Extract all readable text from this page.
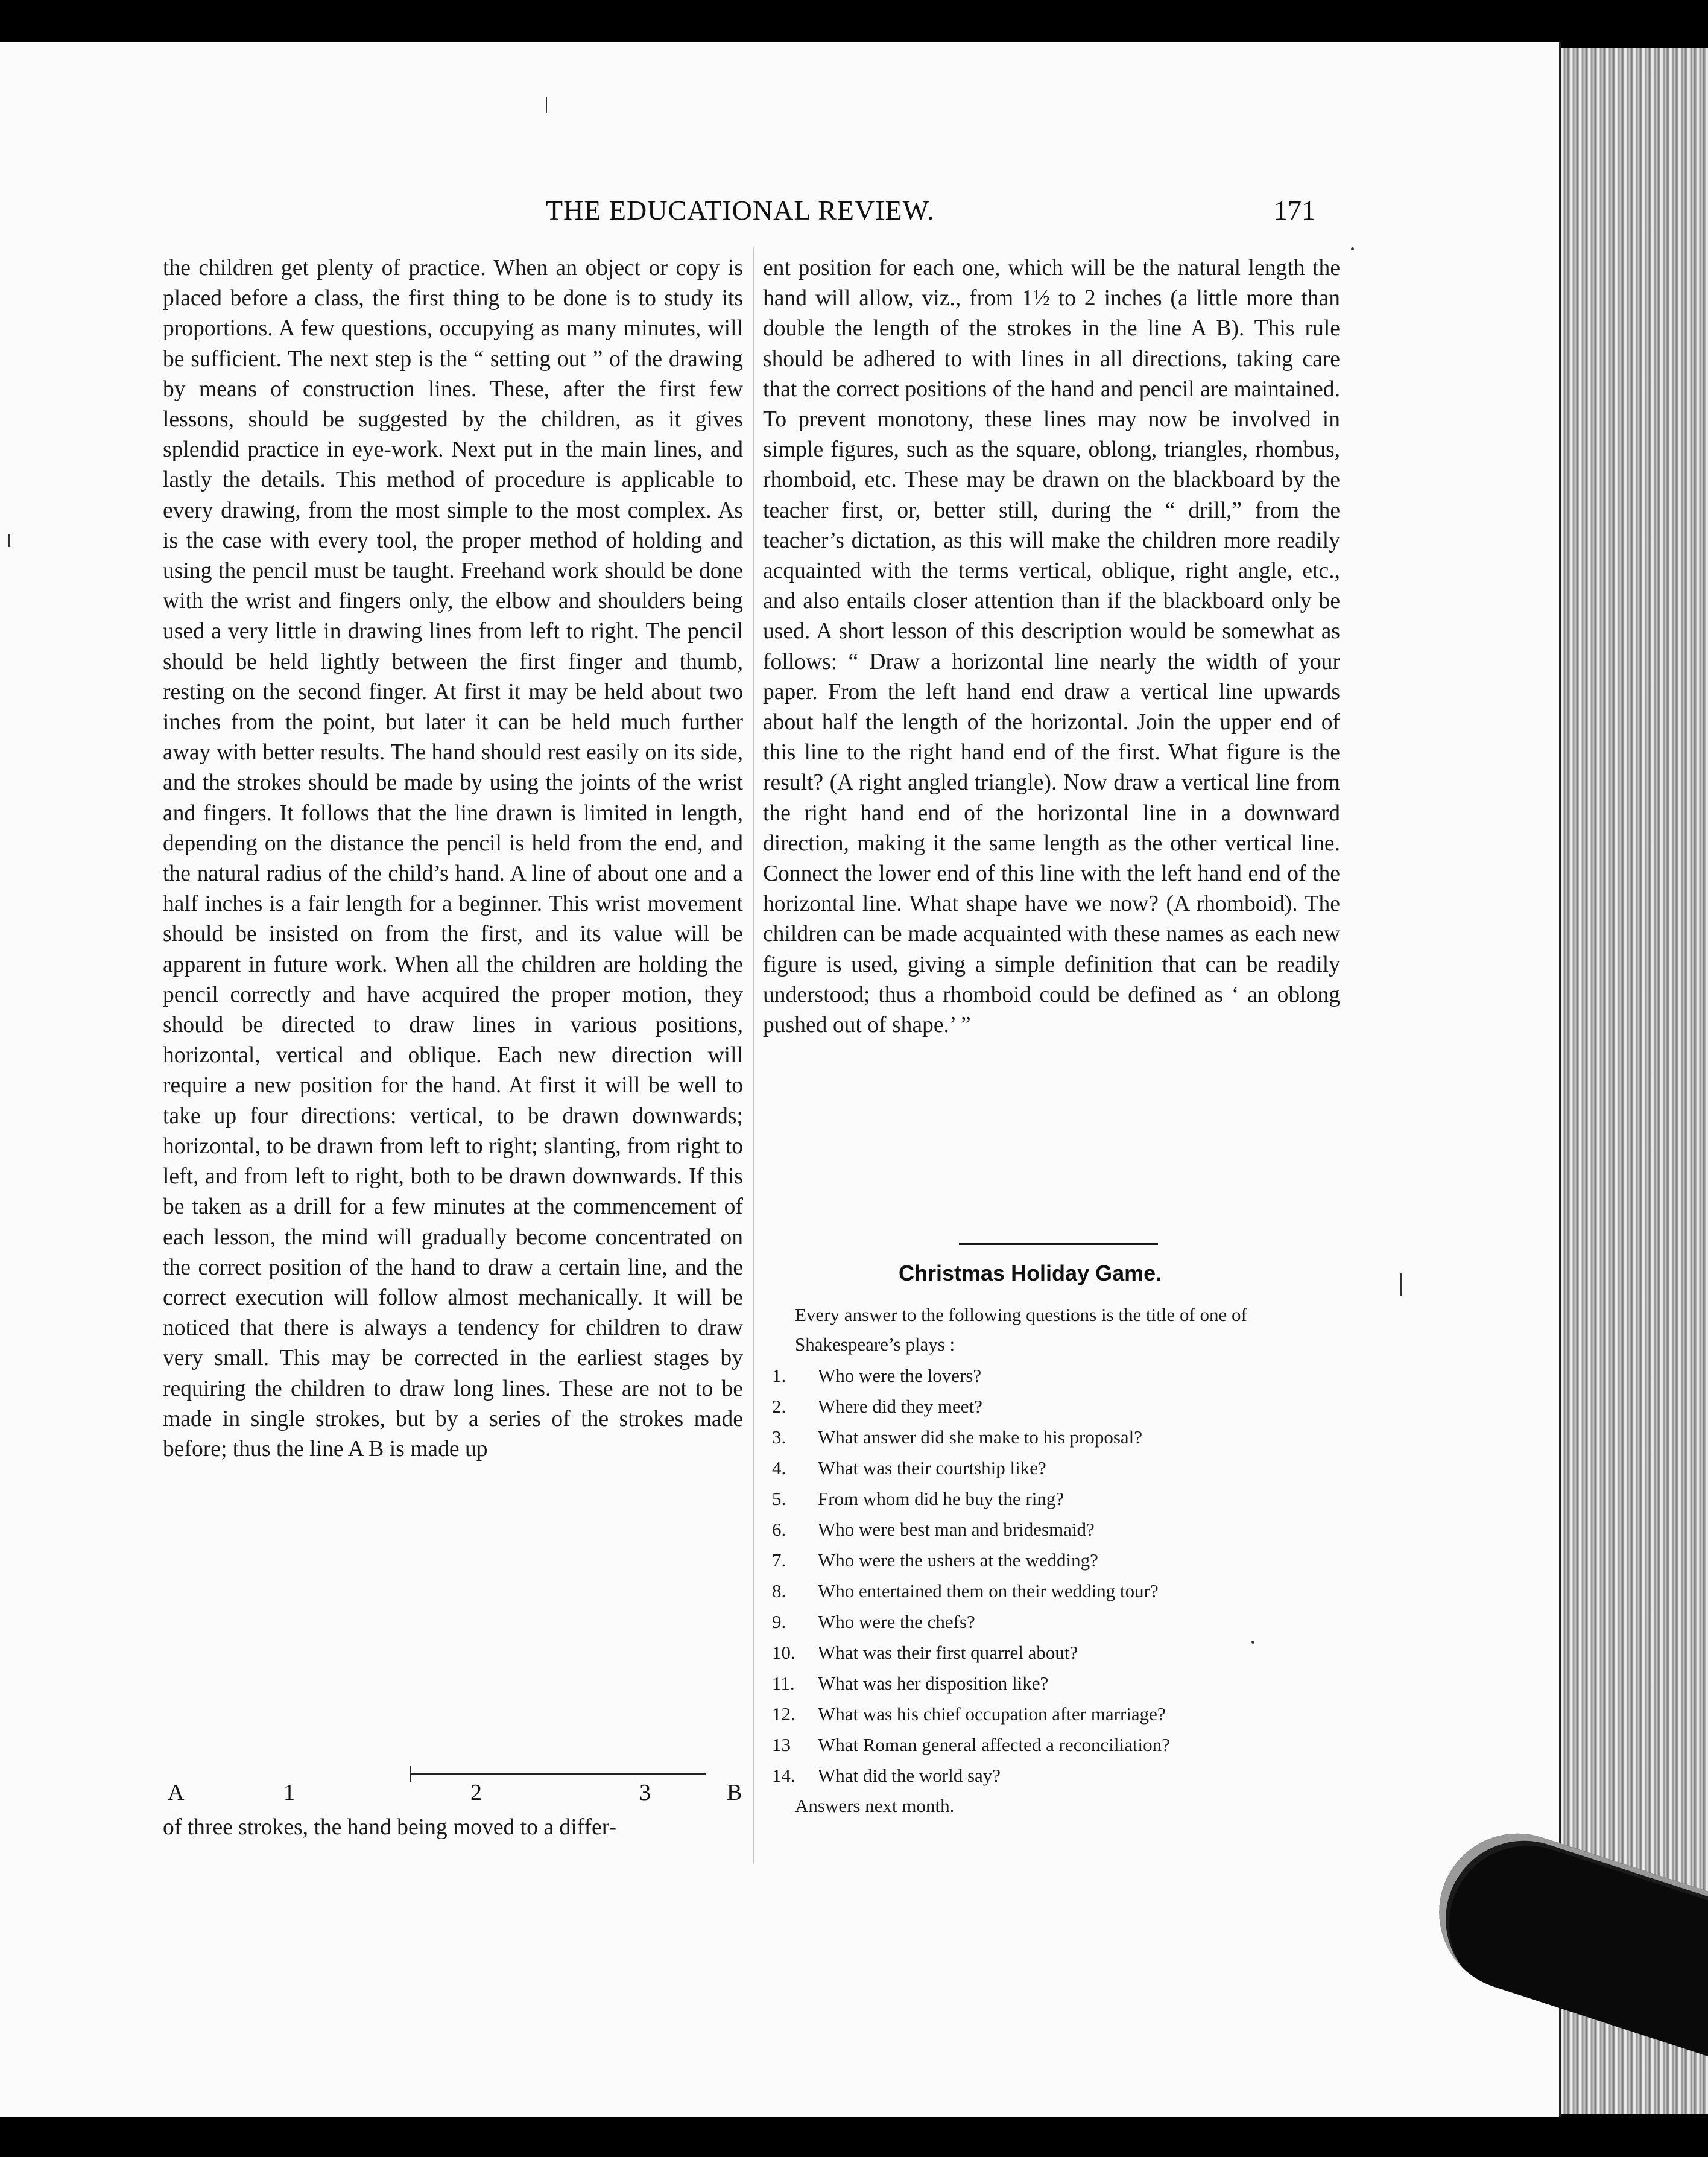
THE EDUCATIONAL REVIEW.	171

the children get plenty of practice. When an object or copy is placed before a class, the first thing to be done is to study its proportions. A few questions, occupying as many minutes, will be sufficient. The next step is the “ setting out ” of the drawing by means of construction lines. These, after the first few lessons, should be suggested by the children, as it gives splendid practice in eye-work. Next put in the main lines, and lastly the details. This method of procedure is applicable to every drawing, from the most simple to the most complex. As is the case with every tool, the proper method of holding and using the pencil must be taught. Freehand work should be done with the wrist and fingers only, the elbow and shoulders being used a very little in drawing lines from left to right. The pencil should be held lightly between the first finger and thumb, resting on the second finger. At first it may be held about two inches from the point, but later it can be held much further away with better results. The hand should rest easily on its side, and the strokes should be made by using the joints of the wrist and fingers. It follows that the line drawn is limited in length, depending on the distance the pencil is held from the end, and the natural radius of the child’s hand. A line of about one and a half inches is a fair length for a beginner. This wrist movement should be insisted on from the first, and its value will be apparent in future work. When all the children are holding the pencil correctly and have acquired the proper motion, they should be directed to draw lines in various positions, horizontal, vertical and oblique. Each new direction will require a new position for the hand. At first it will be well to take up four directions: vertical, to be drawn downwards; horizontal, to be drawn from left to right; slanting, from right to left, and from left to right, both to be drawn downwards. If this be taken as a drill for a few minutes at the commencement of each lesson, the mind will gradually become concentrated on the correct position of the hand to draw a certain line, and the correct execution will follow almost mechanically. It will be noticed that there is always a tendency for children to draw very small. This may be corrected in the earliest stages by requiring the children to draw long lines. These are not to be made in single strokes, but by a series of the strokes made before; thus the line A B is made up

A	1	2	3	B

of three strokes, the hand being moved to a differ-

ent position for each one, which will be the natural length the hand will allow, viz., from 1½ to 2 inches (a little more than double the length of the strokes in the line A B). This rule should be adhered to with lines in all directions, taking care that the correct positions of the hand and pencil are maintained. To prevent monotony, these lines may now be involved in simple figures, such as the square, oblong, triangles, rhombus, rhomboid, etc. These may be drawn on the blackboard by the teacher first, or, better still, during the “ drill,” from the teacher’s dictation, as this will make the children more readily acquainted with the terms vertical, oblique, right angle, etc., and also entails closer attention than if the blackboard only be used. A short lesson of this description would be somewhat as follows: “ Draw a horizontal line nearly the width of your paper. From the left hand end draw a vertical line upwards about half the length of the horizontal. Join the upper end of this line to the right hand end of the first. What figure is the result? (A right angled triangle). Now draw a vertical line from the right hand end of the horizontal line in a downward direction, making it the same length as the other vertical line. Connect the lower end of this line with the left hand end of the horizontal line. What shape have we now? (A rhomboid). The children can be made acquainted with these names as each new figure is used, giving a simple definition that can be readily understood; thus a rhomboid could be defined as ‘ an oblong pushed out of shape.’ ”

Christmas Holiday Game.
Every answer to the following questions is the title of one of Shakespeare’s plays :
1.	Who were the lovers?
2.	Where did they meet?
3.	What answer did she make to his proposal?
4.	What was their courtship like?
5.	From whom did he buy the ring?
6.	Who were best man and bridesmaid?
7.	Who were the ushers at the wedding?
8.	Who entertained them on their wedding tour?
9.	Who were the chefs?
10.	What was their first quarrel about?
11.	What was her disposition like?
12.	What was his chief occupation after marriage?
13	What Roman general affected a reconciliation?
14.	What did the world say?
Answers next month.
